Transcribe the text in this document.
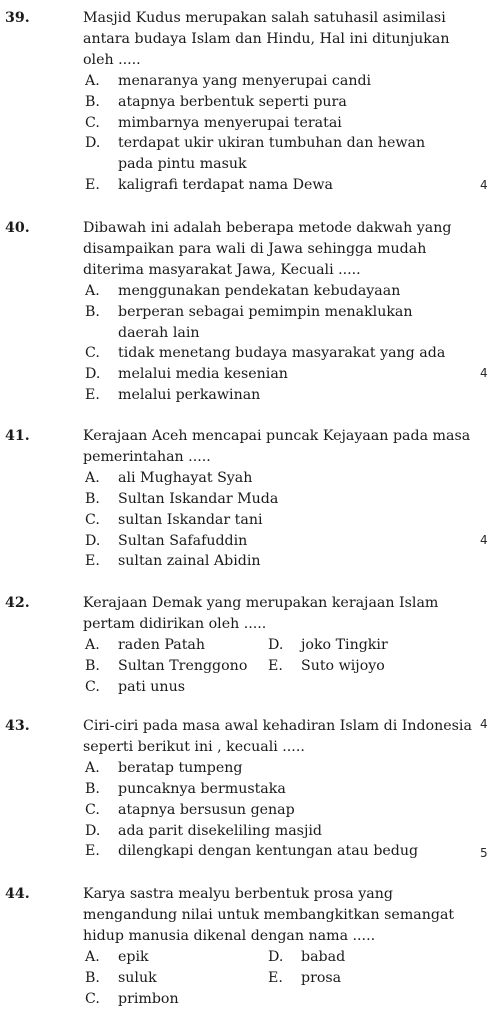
39.	Masjid Kudus merupakan salah satuhasil asimilasi antara budaya Islam dan Hindu, Hal ini ditunjukan oleh .....
A. menaranya yang menyerupai candi
B. atapnya berbentuk seperti pura
C. mimbarnya menyerupai teratai
D. terdapat ukir ukiran tumbuhan dan hewan pada pintu masuk
E. kaligrafi terdapat nama Dewa
40.	Dibawah ini adalah beberapa metode dakwah yang disampaikan para wali di Jawa sehingga mudah diterima masyarakat Jawa, Kecuali .....
A. menggunakan pendekatan kebudayaan
B. berperan sebagai pemimpin menaklukan daerah lain
C. tidak menetang budaya masyarakat yang ada
D. melalui media kesenian
E. melalui perkawinan
41.	Kerajaan Aceh mencapai puncak Kejayaan pada masa pemerintahan .....
A. ali Mughayat Syah
B. Sultan Iskandar Muda
C. sultan Iskandar tani
D. Sultan Safafuddin
E. sultan zainal Abidin
42.	Kerajaan Demak yang merupakan kerajaan Islam pertam didirikan oleh .....
A. raden Patah	D. joko Tingkir
B. Sultan Trenggono E. Suto wijoyo
C. pati unus
43.	Ciri-ciri pada masa awal kehadiran Islam di Indonesia seperti berikut ini , kecuali .....
A. beratap tumpeng
B. puncaknya bermustaka
C. atapnya bersusun genap
D. ada parit disekeliling masjid
E. dilengkapi dengan kentungan atau bedug
44.	Karya sastra mealyu berbentuk prosa yang mengandung nilai untuk membangkitkan semangat hidup manusia dikenal dengan nama .....
A. epik	D. babad
B. suluk	E. prosa
C. primbon
4
4
4
4
5
